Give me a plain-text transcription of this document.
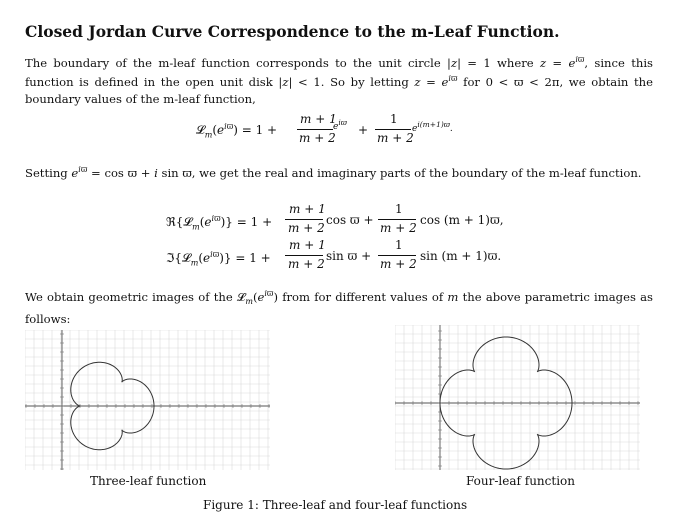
Closed Jordan Curve Correspondence to the m-Leaf Function.
The boundary of the m-leaf function corresponds to the unit circle |z| = 1 where $z = e^{iϖ}$, since this function is defined in the open unit disk |z| < 1. So by letting $z = e^{iϖ}$ for 0 < ϖ < 2π, we obtain the boundary values of the m-leaf function,
$𝓛_m(e^{iϖ}) = 1$ +
m + 1
m + 2
$e^{iϖ}$
+
1
m + 2
$e^{i(m+1)ϖ}$.
Setting $e^{iϖ} = \cos ϖ + i$ sin ϖ, we get the real and imaginary parts of the boundary of the m-leaf function.
$ℜ\{𝓛_m(e^{iϖ})\} = 1$ +
m + 1
m + 2
cos ϖ +
1
m + 2
cos (m + 1)ϖ,
$ℑ\{𝓛_m(e^{iϖ})\} = 1$ +
m + 1
m + 2
sin ϖ +
1
m + 2
sin (m + 1)ϖ.
We obtain geometric images of the $𝓛_m(e^{iϖ})$ from for different values of m the above parametric images as follows:
Three-leaf function	Four-leaf function
Figure 1: Three-leaf and four-leaf functions
